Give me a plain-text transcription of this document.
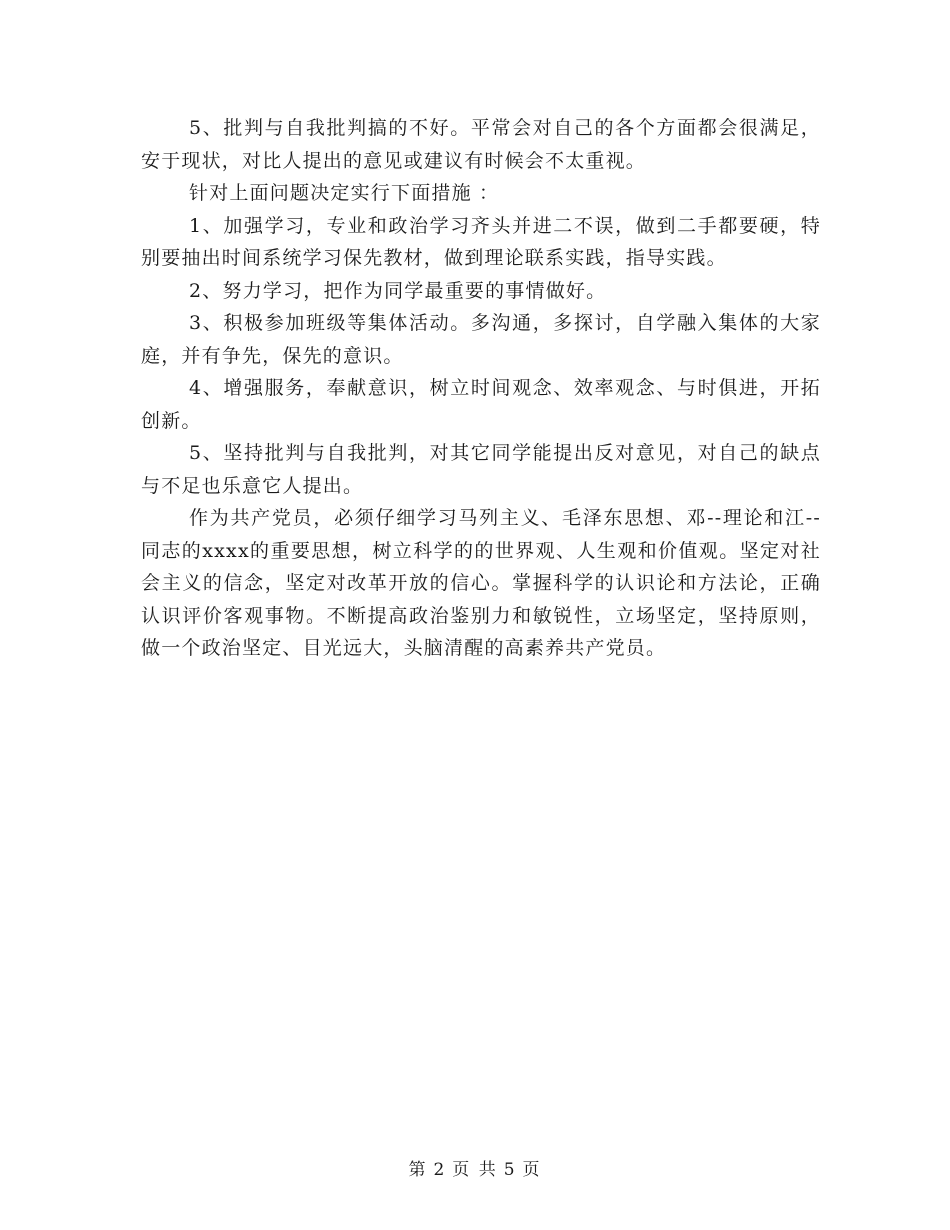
5、批判与自我批判搞的不好。平常会对自己的各个方面都会很满足，安于现状，对比人提出的意见或建议有时候会不太重视。

针对上面问题决定实行下面措施 ：

1、加强学习，专业和政治学习齐头并进二不误，做到二手都要硬，特别要抽出时间系统学习保先教材，做到理论联系实践，指导实践。

2、努力学习，把作为同学最重要的事情做好。

3、积极参加班级等集体活动。多沟通，多探讨，自学融入集体的大家庭，并有争先，保先的意识。

4、增强服务，奉献意识，树立时间观念、效率观念、与时俱进，开拓创新。

5、坚持批判与自我批判，对其它同学能提出反对意见，对自己的缺点与不足也乐意它人提出。

作为共产党员，必须仔细学习马列主义、毛泽东思想、邓--理论和江--同志的xxxx的重要思想，树立科学的的世界观、人生观和价值观。坚定对社会主义的信念，坚定对改革开放的信心。掌握科学的认识论和方法论，正确认识评价客观事物。不断提高政治鉴别力和敏锐性，立场坚定，坚持原则，做一个政治坚定、目光远大，头脑清醒的高素养共产党员。

第 2 页 共 5 页
